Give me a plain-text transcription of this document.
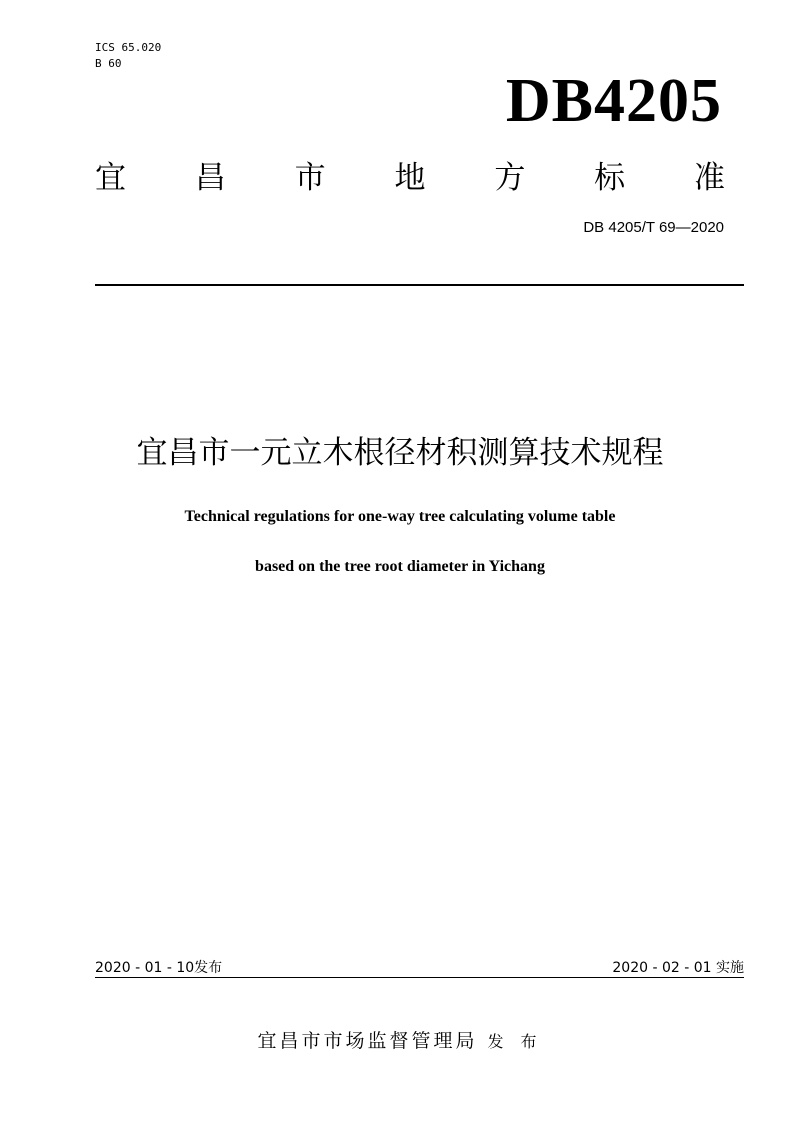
ICS 65.020
B 60
DB4205
宜 昌 市 地 方 标 准
DB 4205/T 69—2020
宜昌市一元立木根径材积测算技术规程
Technical regulations for one-way tree calculating volume table
based on the tree root diameter in Yichang
2020 - 01 - 10发布	2020 - 02 - 01 实施
宜昌市市场监督管理局 发 布
